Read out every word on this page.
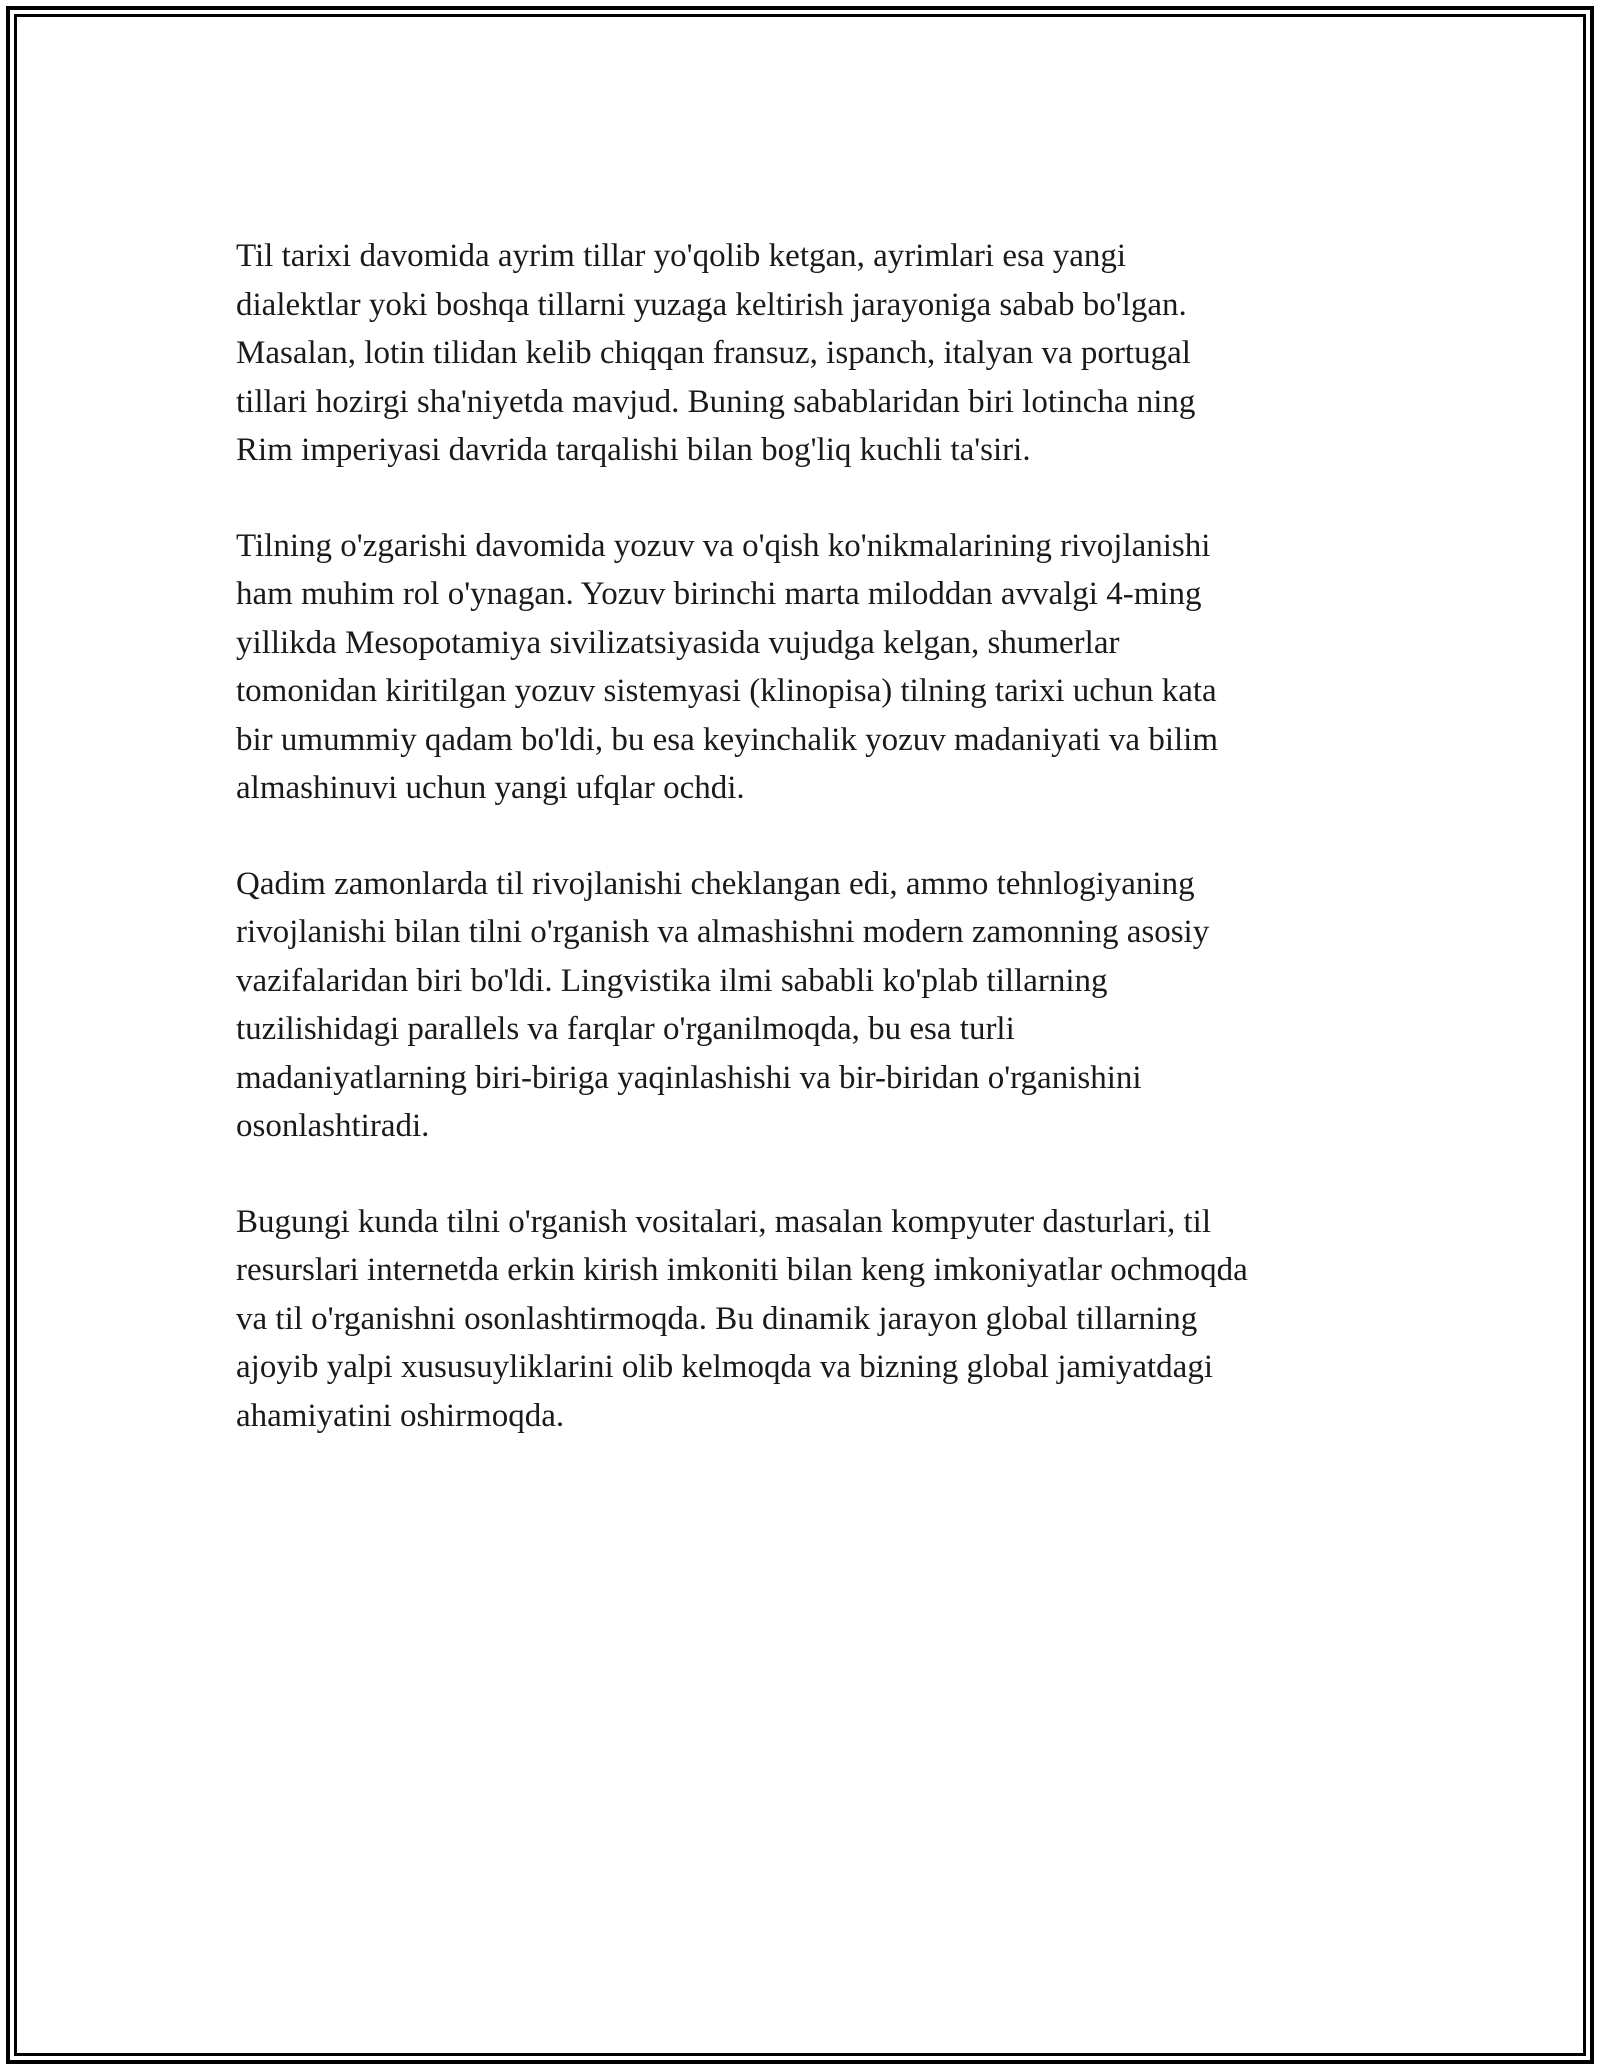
Til tarixi davomida ayrim tillar yo'qolib ketgan, ayrimlari esa yangi
dialektlar yoki boshqa tillarni yuzaga keltirish jarayoniga sabab bo'lgan.
Masalan, lotin tilidan kelib chiqqan fransuz, ispanch, italyan va portugal
tillari hozirgi sha'niyetda mavjud. Buning sabablaridan biri lotincha ning
Rim imperiyasi davrida tarqalishi bilan bog'liq kuchli ta'siri.

Tilning o'zgarishi davomida yozuv va o'qish ko'nikmalarining rivojlanishi
ham muhim rol o'ynagan. Yozuv birinchi marta miloddan avvalgi 4-ming
yillikda Mesopotamiya sivilizatsiyasida vujudga kelgan, shumerlar
tomonidan kiritilgan yozuv sistemyasi (klinopisa) tilning tarixi uchun kata
bir umummiy qadam bo'ldi, bu esa keyinchalik yozuv madaniyati va bilim
almashinuvi uchun yangi ufqlar ochdi.

Qadim zamonlarda til rivojlanishi cheklangan edi, ammo tehnlogiyaning
rivojlanishi bilan tilni o'rganish va almashishni modern zamonning asosiy
vazifalaridan biri bo'ldi. Lingvistika ilmi sababli ko'plab tillarning
tuzilishidagi parallels va farqlar o'rganilmoqda, bu esa turli
madaniyatlarning biri-biriga yaqinlashishi va bir-biridan o'rganishini
osonlashtiradi.

Bugungi kunda tilni o'rganish vositalari, masalan kompyuter dasturlari, til
resurslari internetda erkin kirish imkoniti bilan keng imkoniyatlar ochmoqda
va til o'rganishni osonlashtirmoqda. Bu dinamik jarayon global tillarning
ajoyib yalpi xususuyliklarini olib kelmoqda va bizning global jamiyatdagi
ahamiyatini oshirmoqda.
